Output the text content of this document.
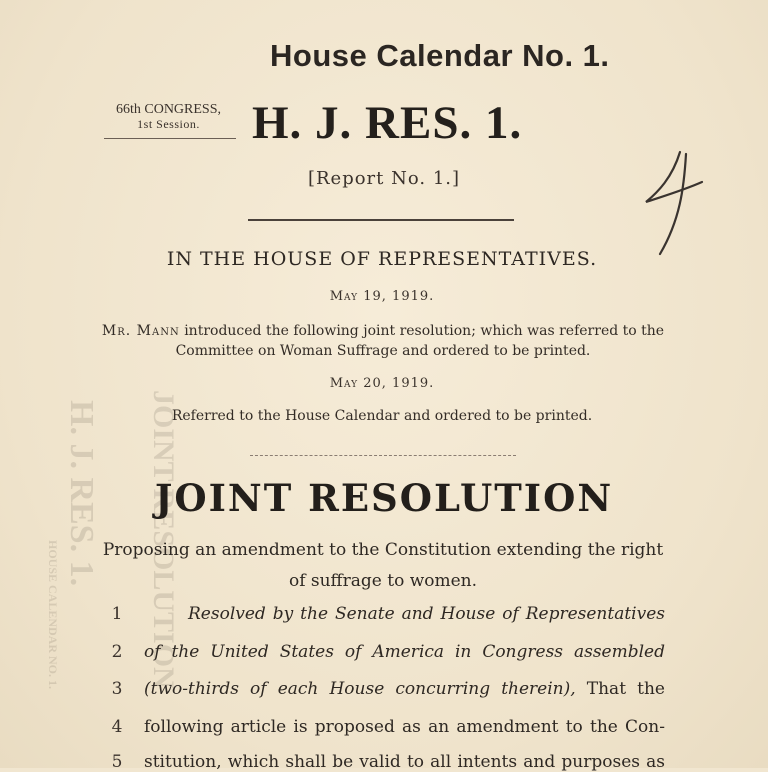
H. J. RES. 1. JOINT RESOLUTION
HOUSE CALENDAR NO. 1.
House Calendar No. 1.
66th CONGRESS,
1st Session.	H. J. RES. 1.
[Report No. 1.]
IN THE HOUSE OF REPRESENTATIVES.
May 19, 1919.
Mr. Mann introduced the following joint resolution; which was referred to the
Committee on Woman Suffrage and ordered to be printed.
May 20, 1919.
Referred to the House Calendar and ordered to be printed.
JOINT RESOLUTION
Proposing an amendment to the Constitution extending the right
of suffrage to women.
1	Resolved by the Senate and House of Representatives
2	of the United States of America in Congress assembled
3	(two-thirds of each House concurring therein), That the
4	following article is proposed as an amendment to the Con-
5	stitution, which shall be valid to all intents and purposes as
